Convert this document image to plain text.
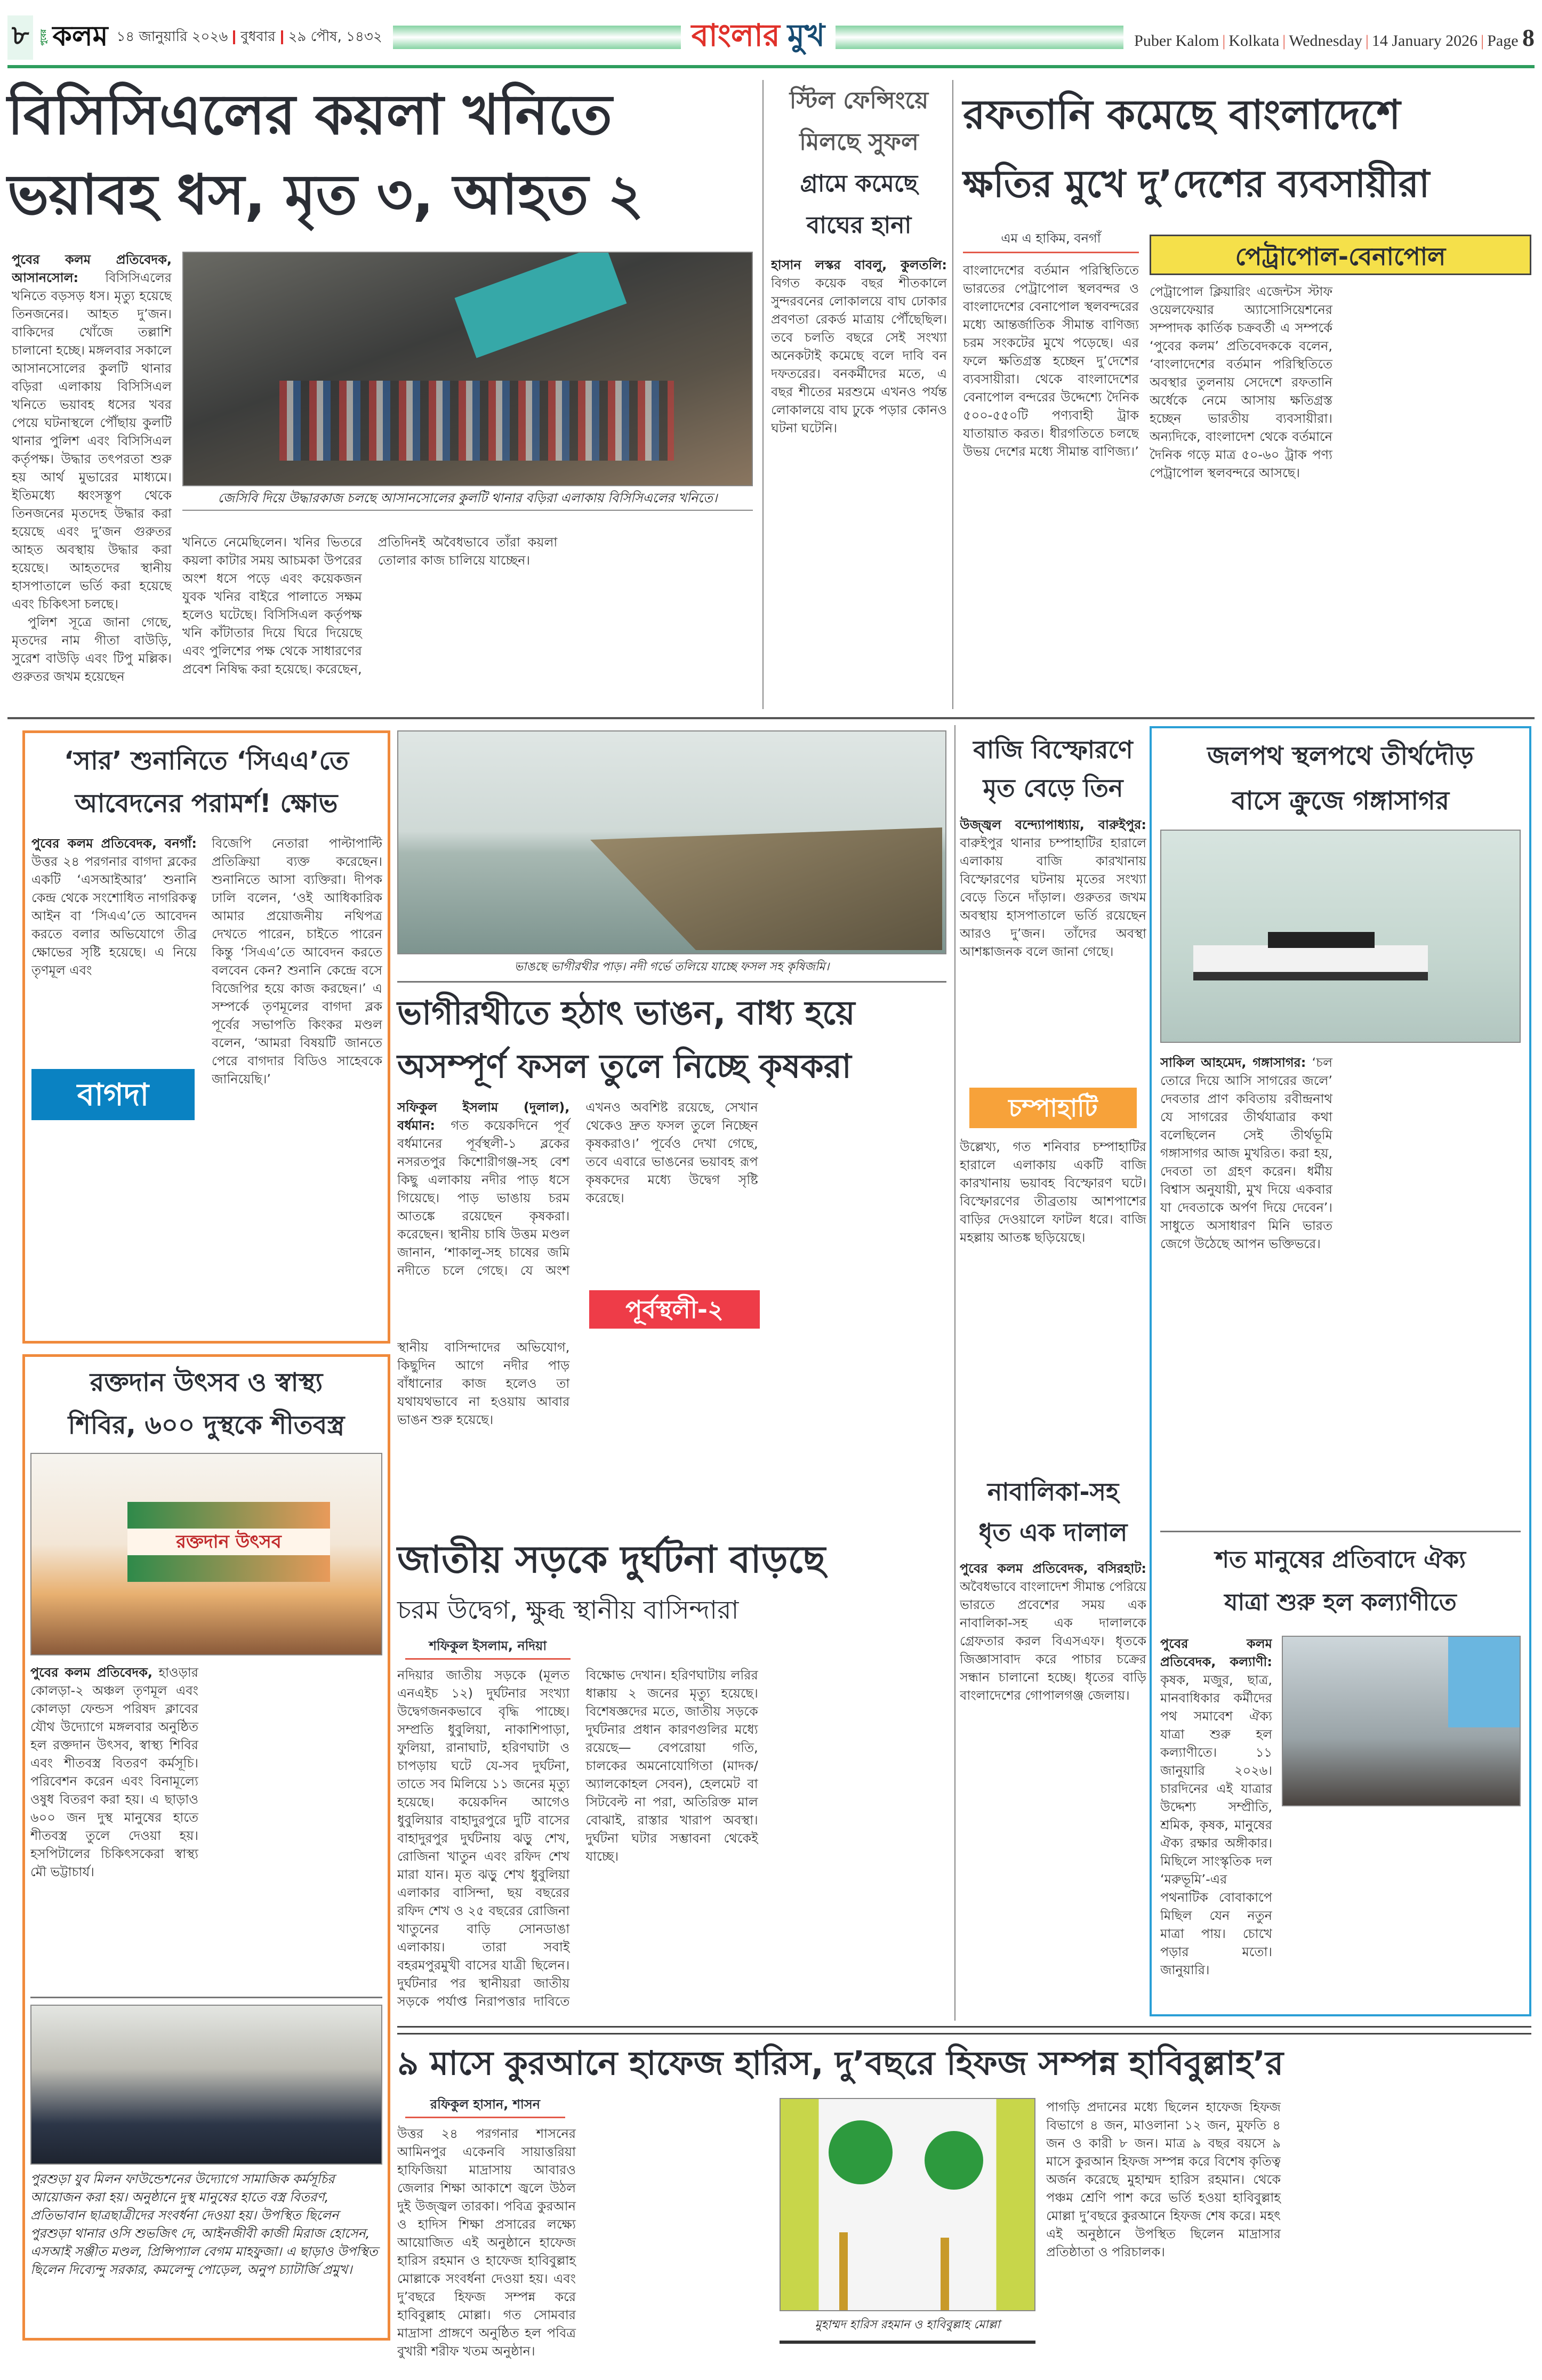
৮	পুবের কলম ১৪ জানুয়ারি ২০২৬ বুধবার ২৯ পৌষ, ১৪৩২	বাংলার মুখ	Puber Kalom | Kolkata | Wednesday | 14 January 2026 | Page 8
বিসিসিএলের কয়লা খনিতে
ভয়াবহ ধস, মৃত ৩, আহত ২
পুবের কলম প্রতিবেদক, আসানসোল: বিসিসিএলের খনিতে বড়সড় ধস। মৃত্যু হয়েছে তিনজনের। আহত দু’জন। বাকিদের খোঁজে তল্লাশি চালানো হচ্ছে। মঙ্গলবার সকালে আসানসোলের কুলটি থানার বড়িরা এলাকায় বিসিসিএল খনিতে ভয়াবহ ধসের খবর পেয়ে ঘটনাস্থলে পৌঁছায় কুলটি থানার পুলিশ এবং বিসিসিএল কর্তৃপক্ষ। উদ্ধার তৎপরতা শুরু হয় আর্থ মুভারের মাধ্যমে। ইতিমধ্যে ধ্বংসস্তূপ থেকে তিনজনের মৃতদেহ উদ্ধার করা হয়েছে এবং দু’জন গুরুতর আহত অবস্থায় উদ্ধার করা হয়েছে। আহতদের স্থানীয় হাসপাতালে ভর্তি করা হয়েছে এবং চিকিৎসা চলছে।
পুলিশ সূত্রে জানা গেছে, মৃতদের নাম গীতা বাউড়ি, সুরেশ বাউড়ি এবং টিপু মল্লিক। গুরুতর জখম হয়েছেন
জেসিবি দিয়ে উদ্ধারকাজ চলছে আসানসোলের কুলটি থানার বড়িরা এলাকায় বিসিসিএলের খনিতে।
খনিতে নেমেছিলেন। খনির ভিতরে কয়লা কাটার সময় আচমকা উপরের অংশ ধসে পড়ে এবং কয়েকজন যুবক খনির বাইরে পালাতে সক্ষম হলেও ঘটেছে। বিসিসিএল কর্তৃপক্ষ খনি কাঁটাতার দিয়ে ঘিরে দিয়েছে এবং পুলিশের পক্ষ থেকে সাধারণের প্রবেশ নিষিদ্ধ করা হয়েছে। করেছেন, প্রতিদিনই অবৈধভাবে তাঁরা কয়লা তোলার কাজ চালিয়ে যাচ্ছেন।
স্টিল ফেন্সিংয়ে
মিলছে সুফল
গ্রামে কমেছে
বাঘের হানা
হাসান লস্কর বাবলু, কুলতলি: বিগত কয়েক বছর শীতকালে সুন্দরবনের লোকালয়ে বাঘ ঢোকার প্রবণতা রেকর্ড মাত্রায় পৌঁছেছিল। তবে চলতি বছরে সেই সংখ্যা অনেকটাই কমেছে বলে দাবি বন দফতরের। বনকর্মীদের মতে, এ বছর শীতের মরশুমে এখনও পর্যন্ত লোকালয়ে বাঘ ঢুকে পড়ার কোনও ঘটনা ঘটেনি।
রফতানি কমেছে বাংলাদেশে
ক্ষতির মুখে দু’দেশের ব্যবসায়ীরা
এম এ হাকিম, বনগাঁ
বাংলাদেশের বর্তমান পরিস্থিতিতে ভারতের পেট্রাপোল স্থলবন্দর ও বাংলাদেশের বেনাপোল স্থলবন্দরের মধ্যে আন্তর্জাতিক সীমান্ত বাণিজ্য চরম সংকটের মুখে পড়েছে। এর ফলে ক্ষতিগ্রস্ত হচ্ছেন দু’দেশের ব্যবসায়ীরা। থেকে বাংলাদেশের বেনাপোল বন্দরের উদ্দেশ্যে দৈনিক ৫০০-৫৫০টি পণ্যবাহী ট্রাক যাতায়াত করত। ধীরগতিতে চলছে উভয় দেশের মধ্যে সীমান্ত বাণিজ্য।’
পেট্রাপোল-বেনাপোল
পেট্রাপোল ক্লিয়ারিং এজেন্টস স্টাফ ওয়েলফেয়ার অ্যাসোসিয়েশনের সম্পাদক কার্তিক চক্রবর্তী এ সম্পর্কে ‘পুবের কলম’ প্রতিবেদককে বলেন, ‘বাংলাদেশের বর্তমান পরিস্থিতিতে অবস্থার তুলনায় সেদেশে রফতানি অর্ধেকে নেমে আসায় ক্ষতিগ্রস্ত হচ্ছেন ভারতীয় ব্যবসায়ীরা। অন্যদিকে, বাংলাদেশ থেকে বর্তমানে দৈনিক গড়ে মাত্র ৫০-৬০ ট্রাক পণ্য পেট্রাপোল স্থলবন্দরে আসছে।
‘সার’ শুনানিতে ‘সিএএ’তে
আবেদনের পরামর্শ! ক্ষোভ
পুবের কলম প্রতিবেদক, বনগাঁ: উত্তর ২৪ পরগনার বাগদা ব্লকের একটি ‘এসআইআর’ শুনানি কেন্দ্র থেকে সংশোধিত নাগরিকত্ব আইন বা ‘সিএএ’তে আবেদন করতে বলার অভিযোগে তীব্র ক্ষোভের সৃষ্টি হয়েছে। এ নিয়ে তৃণমূল এবং
বাগদা
বিজেপি নেতারা পাল্টাপাল্টি প্রতিক্রিয়া ব্যক্ত করেছেন। শুনানিতে আসা ব্যক্তিরা। দীপক ঢালি বলেন, ‘ওই আধিকারিক আমার প্রয়োজনীয় নথিপত্র দেখতে পারেন, চাইতে পারেন কিন্তু ‘সিএএ’তে আবেদন করতে বলবেন কেন? শুনানি কেন্দ্রে বসে বিজেপির হয়ে কাজ করছেন।’ এ সম্পর্কে তৃণমূলের বাগদা ব্লক পূর্বের সভাপতি কিংকর মণ্ডল বলেন, ‘আমরা বিষয়টি জানতে পেরে বাগদার বিডিও সাহেবকে জানিয়েছি।’
ভাঙছে ভাগীরথীর পাড়। নদী গর্ভে তলিয়ে যাচ্ছে ফসল সহ কৃষিজমি।
ভাগীরথীতে হঠাৎ ভাঙন, বাধ্য হয়ে
অসম্পূর্ণ ফসল তুলে নিচ্ছে কৃষকরা
সফিকুল ইসলাম (দুলাল), বর্ধমান: গত কয়েকদিনে পূর্ব বর্ধমানের পূর্বস্থলী-১ ব্লকের নসরতপুর কিশোরীগঞ্জ-সহ বেশ কিছু এলাকায় নদীর পাড় ধসে গিয়েছে। পাড় ভাঙায় চরম আতঙ্কে রয়েছেন কৃষকরা। করেছেন। স্থানীয় চাষি উত্তম মণ্ডল জানান, ‘শাকালু-সহ চাষের জমি নদীতে চলে গেছে। যে অংশ এখনও অবশিষ্ট রয়েছে, সেখান থেকেও দ্রুত ফসল তুলে নিচ্ছেন কৃষকরাও।’ পূর্বেও দেখা গেছে, তবে এবারে ভাঙনের ভয়াবহ রূপ কৃষকদের মধ্যে উদ্বেগ সৃষ্টি করেছে।
পূর্বস্থলী-২
স্থানীয় বাসিন্দাদের অভিযোগ, কিছুদিন আগে নদীর পাড় বাঁধানোর কাজ হলেও তা যথাযথভাবে না হওয়ায় আবার ভাঙন শুরু হয়েছে।
বাজি বিস্ফোরণে
মৃত বেড়ে তিন
উজ্জ্বল বন্দ্যোপাধ্যায়, বারুইপুর: বারুইপুর থানার চম্পাহাটির হারালে এলাকায় বাজি কারখানায় বিস্ফোরণের ঘটনায় মৃতের সংখ্যা বেড়ে তিনে দাঁড়াল। গুরুতর জখম অবস্থায় হাসপাতালে ভর্তি রয়েছেন আরও দু’জন। তাঁদের অবস্থা আশঙ্কাজনক বলে জানা গেছে।
চম্পাহাটি
উল্লেখ্য, গত শনিবার চম্পাহাটির হারালে এলাকায় একটি বাজি কারখানায় ভয়াবহ বিস্ফোরণ ঘটে। বিস্ফোরণের তীব্রতায় আশপাশের বাড়ির দেওয়ালে ফাটল ধরে। বাজি মহল্লায় আতঙ্ক ছড়িয়েছে।
নাবালিকা-সহ
ধৃত এক দালাল
পুবের কলম প্রতিবেদক, বসিরহাট: অবৈধভাবে বাংলাদেশ সীমান্ত পেরিয়ে ভারতে প্রবেশের সময় এক নাবালিকা-সহ এক দালালকে গ্রেফতার করল বিএসএফ। ধৃতকে জিজ্ঞাসাবাদ করে পাচার চক্রের সন্ধান চালানো হচ্ছে। ধৃতের বাড়ি বাংলাদেশের গোপালগঞ্জ জেলায়।
জলপথ স্থলপথে তীর্থদৌড়
বাসে ক্রুজে গঙ্গাসাগর
সাকিল আহমেদ, গঙ্গাসাগর: ‘চল তোরে দিয়ে আসি সাগরের জলে’ দেবতার প্রাণ কবিতায় রবীন্দ্রনাথ যে সাগরের তীর্থযাত্রার কথা বলেছিলেন সেই তীর্থভূমি গঙ্গাসাগর আজ মুখরিত। করা হয়, দেবতা তা গ্রহণ করেন। ধর্মীয় বিশ্বাস অনুযায়ী, মুখ দিয়ে একবার যা দেবতাকে অর্পণ দিয়ে দেবেন’। সাধুতে অসাধারণ মিনি ভারত জেগে উঠেছে আপন ভক্তিভরে।
শত মানুষের প্রতিবাদে ঐক্য
যাত্রা শুরু হল কল্যাণীতে
পুবের কলম প্রতিবেদক, কল্যাণী: কৃষক, মজুর, ছাত্র, মানবাধিকার কর্মীদের পথ সমাবেশ ঐক্য যাত্রা শুরু হল কল্যাণীতে। ১১ জানুয়ারি ২০২৬। চারদিনের এই যাত্রার উদ্দেশ্য সম্প্রীতি, শ্রমিক, কৃষক, মানুষের ঐক্য রক্ষার অঙ্গীকার। মিছিলে সাংস্কৃতিক দল ‘মরুভূমি’-এর পথনাটিক বোবাকাপে মিছিল যেন নতুন মাত্রা পায়। চোখে পড়ার মতো। জানুয়ারি।
রক্তদান উৎসব ও স্বাস্থ্য
শিবির, ৬০০ দুস্থকে শীতবস্ত্র
রক্তদান উৎসব
পুবের কলম প্রতিবেদক, হাওড়ার কোলড়া-২ অঞ্চল তৃণমূল এবং কোলড়া ফেন্ডস পরিষদ ক্লাবের যৌথ উদ্যোগে মঙ্গলবার অনুষ্ঠিত হল রক্তদান উৎসব, স্বাস্থ্য শিবির এবং শীতবস্ত্র বিতরণ কর্মসূচি। পরিবেশন করেন এবং বিনামূল্যে ওষুধ বিতরণ করা হয়। এ ছাড়াও ৬০০ জন দুস্থ মানুষের হাতে শীতবস্ত্র তুলে দেওয়া হয়। হসপিটালের চিকিৎসকেরা স্বাস্থ্য মৌ ভট্টাচার্য।
পুরশুড়া যুব মিলন ফাউন্ডেশনের উদ্যোগে সামাজিক কর্মসূচির আয়োজন করা হয়। অনুষ্ঠানে দুস্থ মানুষের হাতে বস্ত্র বিতরণ, প্রতিভাবান ছাত্রছাত্রীদের সংবর্ধনা দেওয়া হয়। উপস্থিত ছিলেন পুরশুড়া থানার ওসি শুভজিৎ দে, আইনজীবী কাজী মিরাজ হোসেন, এসআই সঞ্জীত মণ্ডল, প্রিন্সিপ্যাল বেগম মাহফুজা। এ ছাড়াও উপস্থিত ছিলেন দিব্যেন্দু সরকার, কমলেন্দু পোড়েল, অনুপ চ্যাটার্জি প্রমুখ।
জাতীয় সড়কে দুর্ঘটনা বাড়ছে
চরম উদ্বেগ, ক্ষুব্ধ স্থানীয় বাসিন্দারা
শফিকুল ইসলাম, নদিয়া
নদিয়ার জাতীয় সড়কে (মূলত এনএইচ ১২) দুর্ঘটনার সংখ্যা উদ্বেগজনকভাবে বৃদ্ধি পাচ্ছে। সম্প্রতি ধুবুলিয়া, নাকাশিপাড়া, ফুলিয়া, রানাঘাট, হরিণঘাটা ও চাপড়ায় ঘটে যে-সব দুর্ঘটনা, তাতে সব মিলিয়ে ১১ জনের মৃত্যু হয়েছে। কয়েকদিন আগেও ধুবুলিয়ার বাহাদুরপুরে দুটি বাসের বাহাদুরপুর দুর্ঘটনায় ঝড়ু শেখ, রোজিনা খাতুন এবং রফিদ শেখ মারা যান। মৃত ঝড়ু শেখ ধুবুলিয়া এলাকার বাসিন্দা, ছয় বছরের রফিদ শেখ ও ২৫ বছরের রোজিনা খাতুনের বাড়ি সোনডাঙা এলাকায়। তারা সবাই বহরমপুরমুখী বাসের যাত্রী ছিলেন। দুর্ঘটনার পর স্থানীয়রা জাতীয় সড়কে পর্যাপ্ত নিরাপত্তার দাবিতে বিক্ষোভ দেখান। হরিণঘাটায় লরির ধাক্কায় ২ জনের মৃত্যু হয়েছে। বিশেষজ্ঞদের মতে, জাতীয় সড়কে দুর্ঘটনার প্রধান কারণগুলির মধ্যে রয়েছে— বেপরোয়া গতি, চালকের অমনোযোগিতা (মাদক/অ্যালকোহল সেবন), হেলমেট বা সিটবেল্ট না পরা, অতিরিক্ত মাল বোঝাই, রাস্তার খারাপ অবস্থা। দুর্ঘটনা ঘটার সম্ভাবনা থেকেই যাচ্ছে।
৯ মাসে কুরআনে হাফেজ হারিস, দু’বছরে হিফজ সম্পন্ন হাবিবুল্লাহ’র
রফিকুল হাসান, শাসন
উত্তর ২৪ পরগনার শাসনের আমিনপুর একেনবি সায়াত্তরিয়া হাফিজিয়া মাদ্রাসায় আবারও জেলার শিক্ষা আকাশে জ্বলে উঠল দুই উজ্জ্বল তারকা। পবিত্র কুরআন ও হাদিস শিক্ষা প্রসারের লক্ষ্যে আয়োজিত এই অনুষ্ঠানে হাফেজ হারিস রহমান ও হাফেজ হাবিবুল্লাহ মোল্লাকে সংবর্ধনা দেওয়া হয়। এবং দু’বছরে হিফজ সম্পন্ন করে হাবিবুল্লাহ মোল্লা। গত সোমবার মাদ্রাসা প্রাঙ্গণে অনুষ্ঠিত হল পবিত্র বুখারী শরীফ খতম অনুষ্ঠান।
মুহাম্মদ হারিস রহমান ও হাবিবুল্লাহ মোল্লা
পাগড়ি প্রদানের মধ্যে ছিলেন হাফেজ হিফজ বিভাগে ৪ জন, মাওলানা ১২ জন, মুফতি ৪ জন ও কারী ৮ জন। মাত্র ৯ বছর বয়সে ৯ মাসে কুরআন হিফজ সম্পন্ন করে বিশেষ কৃতিত্ব অর্জন করেছে মুহাম্মদ হারিস রহমান। থেকে পঞ্চম শ্রেণি পাশ করে ভর্তি হওয়া হাবিবুল্লাহ মোল্লা দু’বছরে কুরআনে হিফজ শেষ করে। মহৎ এই অনুষ্ঠানে উপস্থিত ছিলেন মাদ্রাসার প্রতিষ্ঠাতা ও পরিচালক।
